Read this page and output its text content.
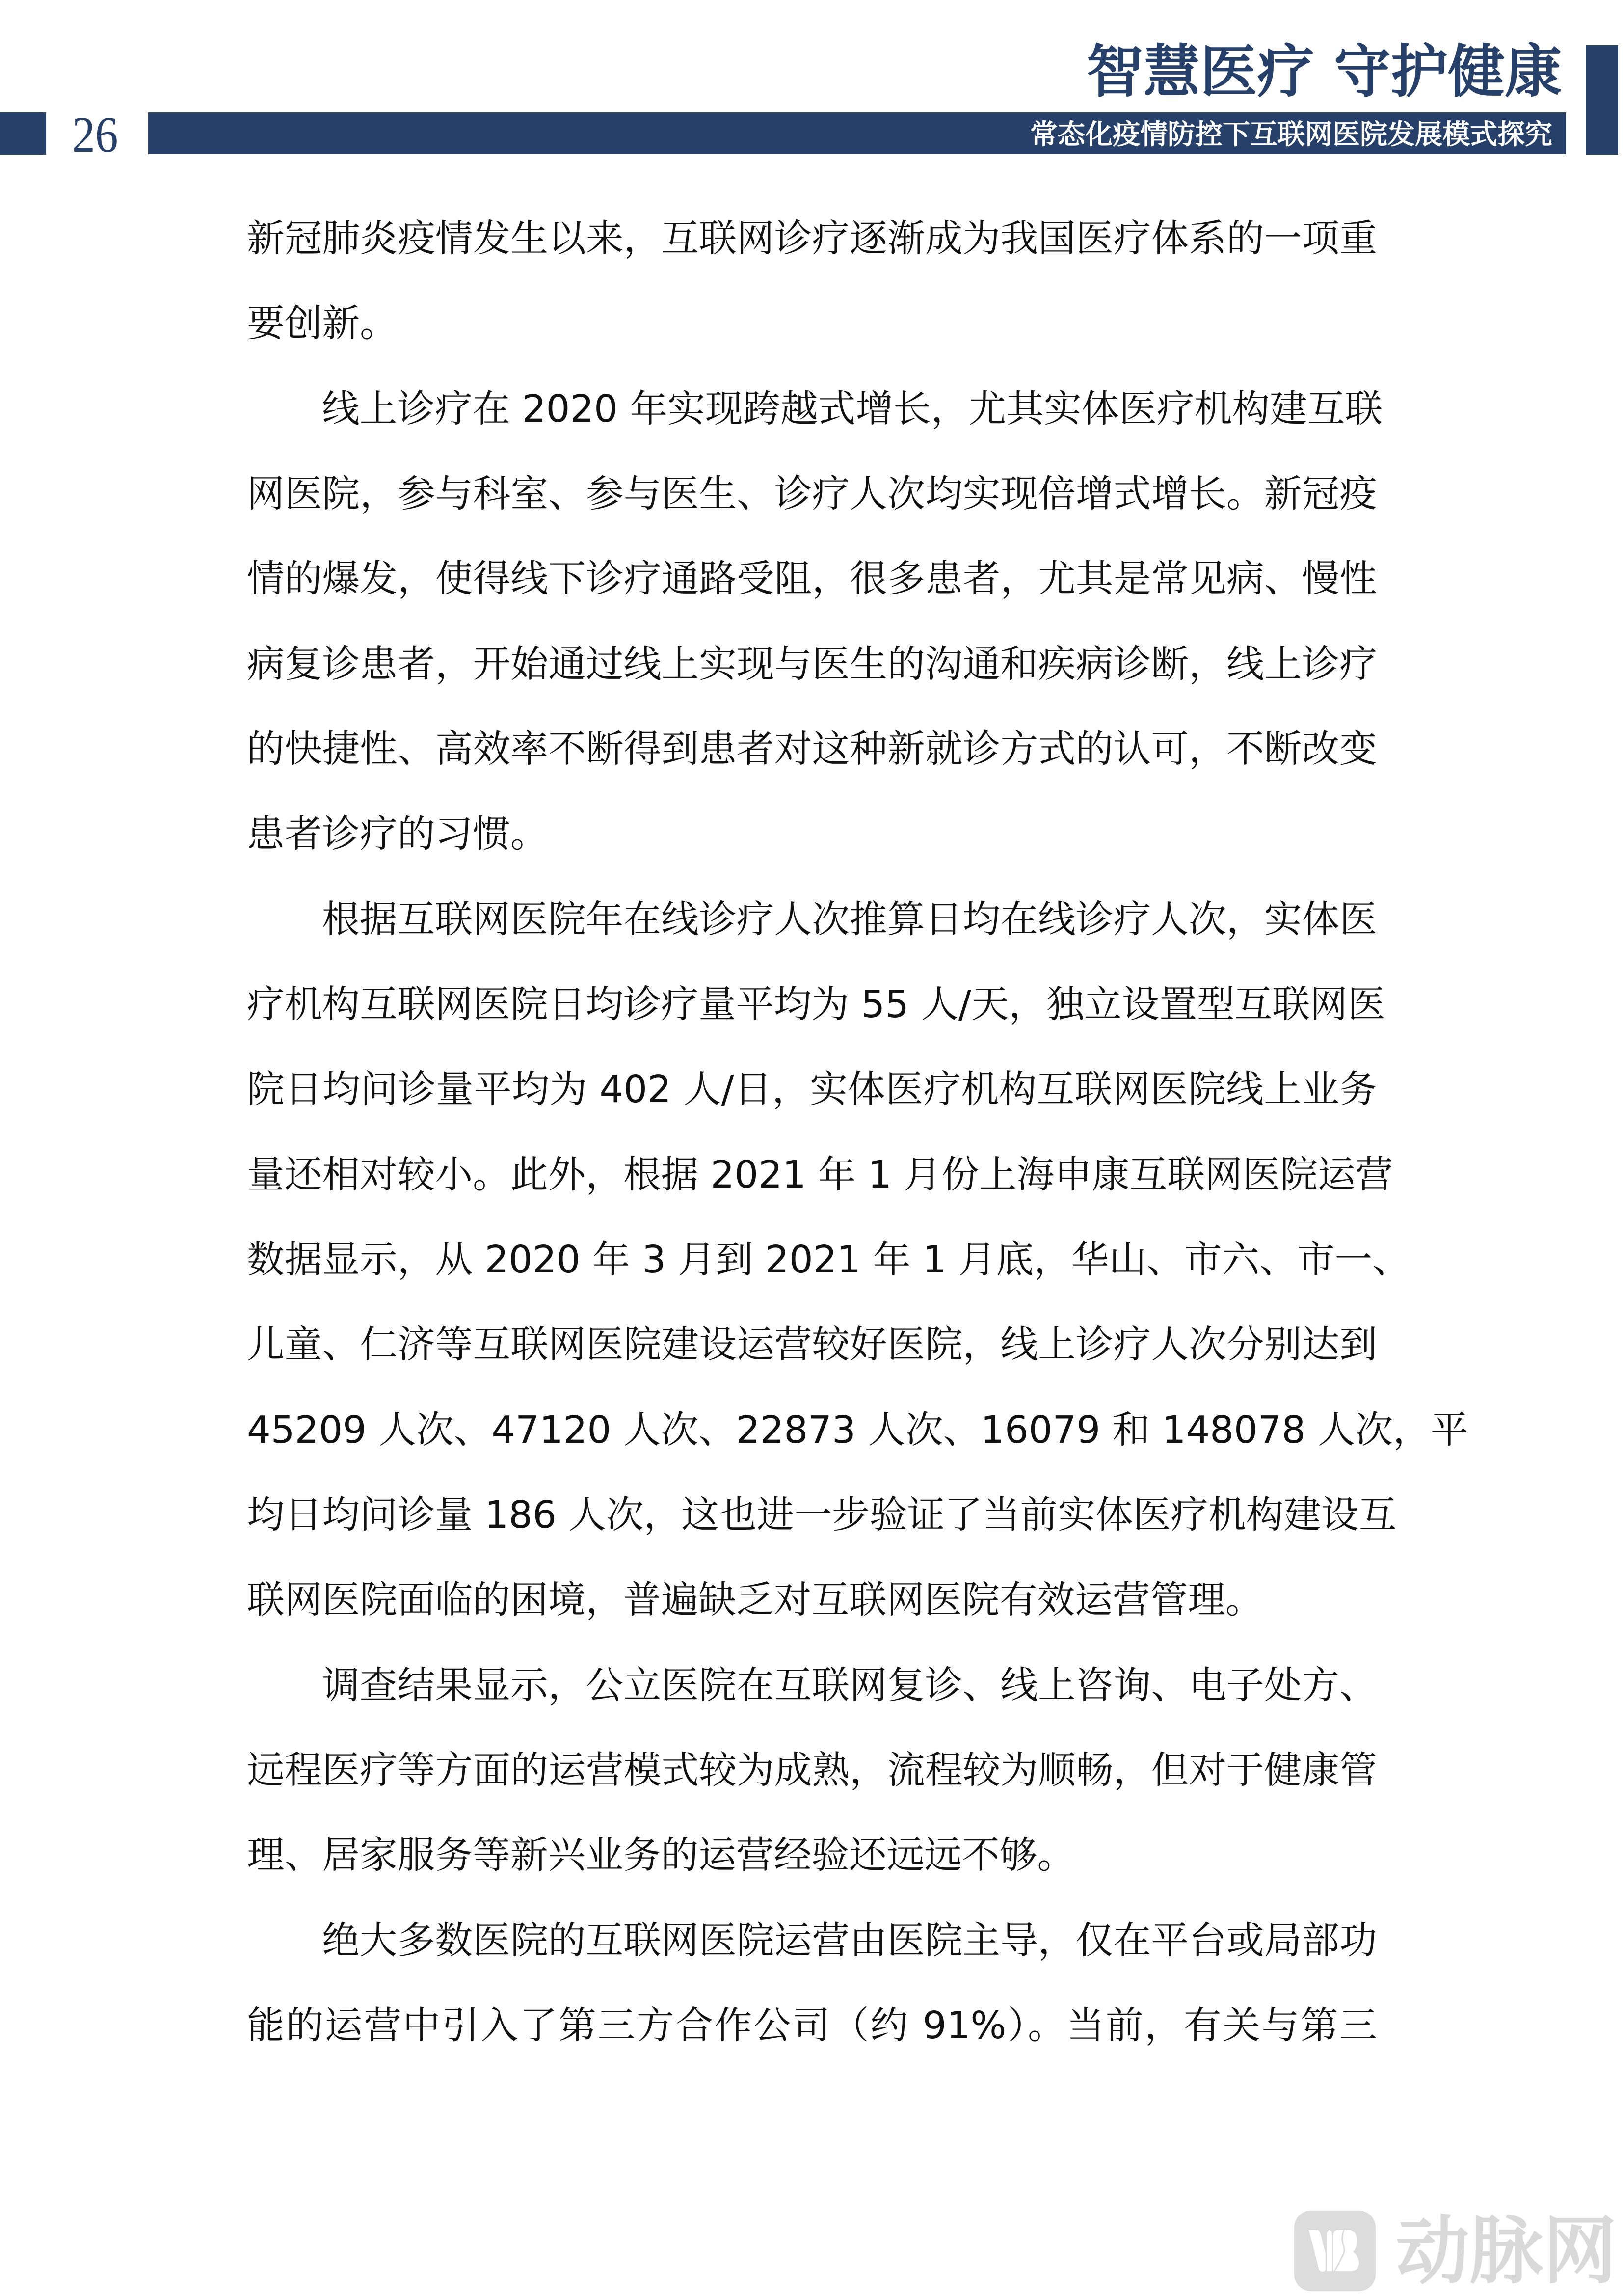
26
智慧医疗 守护健康
常态化疫情防控下互联网医院发展模式探究
新冠肺炎疫情发生以来，互联网诊疗逐渐成为我国医疗体系的一项重
要创新。
线上诊疗在 2020 年实现跨越式增长，尤其实体医疗机构建互联
网医院，参与科室、参与医生、诊疗人次均实现倍增式增长。新冠疫
情的爆发，使得线下诊疗通路受阻，很多患者，尤其是常见病、慢性
病复诊患者，开始通过线上实现与医生的沟通和疾病诊断，线上诊疗
的快捷性、高效率不断得到患者对这种新就诊方式的认可，不断改变
患者诊疗的习惯。
根据互联网医院年在线诊疗人次推算日均在线诊疗人次，实体医
疗机构互联网医院日均诊疗量平均为 55 人/天，独立设置型互联网医
院日均问诊量平均为 402 人/日，实体医疗机构互联网医院线上业务
量还相对较小。此外，根据 2021 年 1 月份上海申康互联网医院运营
数据显示，从 2020 年 3 月到 2021 年 1 月底，华山、市六、市一、
儿童、仁济等互联网医院建设运营较好医院，线上诊疗人次分别达到
45209 人次、47120 人次、22873 人次、16079 和 148078 人次，平
均日均问诊量 186 人次，这也进一步验证了当前实体医疗机构建设互
联网医院面临的困境，普遍缺乏对互联网医院有效运营管理。
调查结果显示，公立医院在互联网复诊、线上咨询、电子处方、
远程医疗等方面的运营模式较为成熟，流程较为顺畅，但对于健康管
理、居家服务等新兴业务的运营经验还远远不够。
绝大多数医院的互联网医院运营由医院主导，仅在平台或局部功
能的运营中引入了第三方合作公司（约 91%）。当前，有关与第三
动脉网
